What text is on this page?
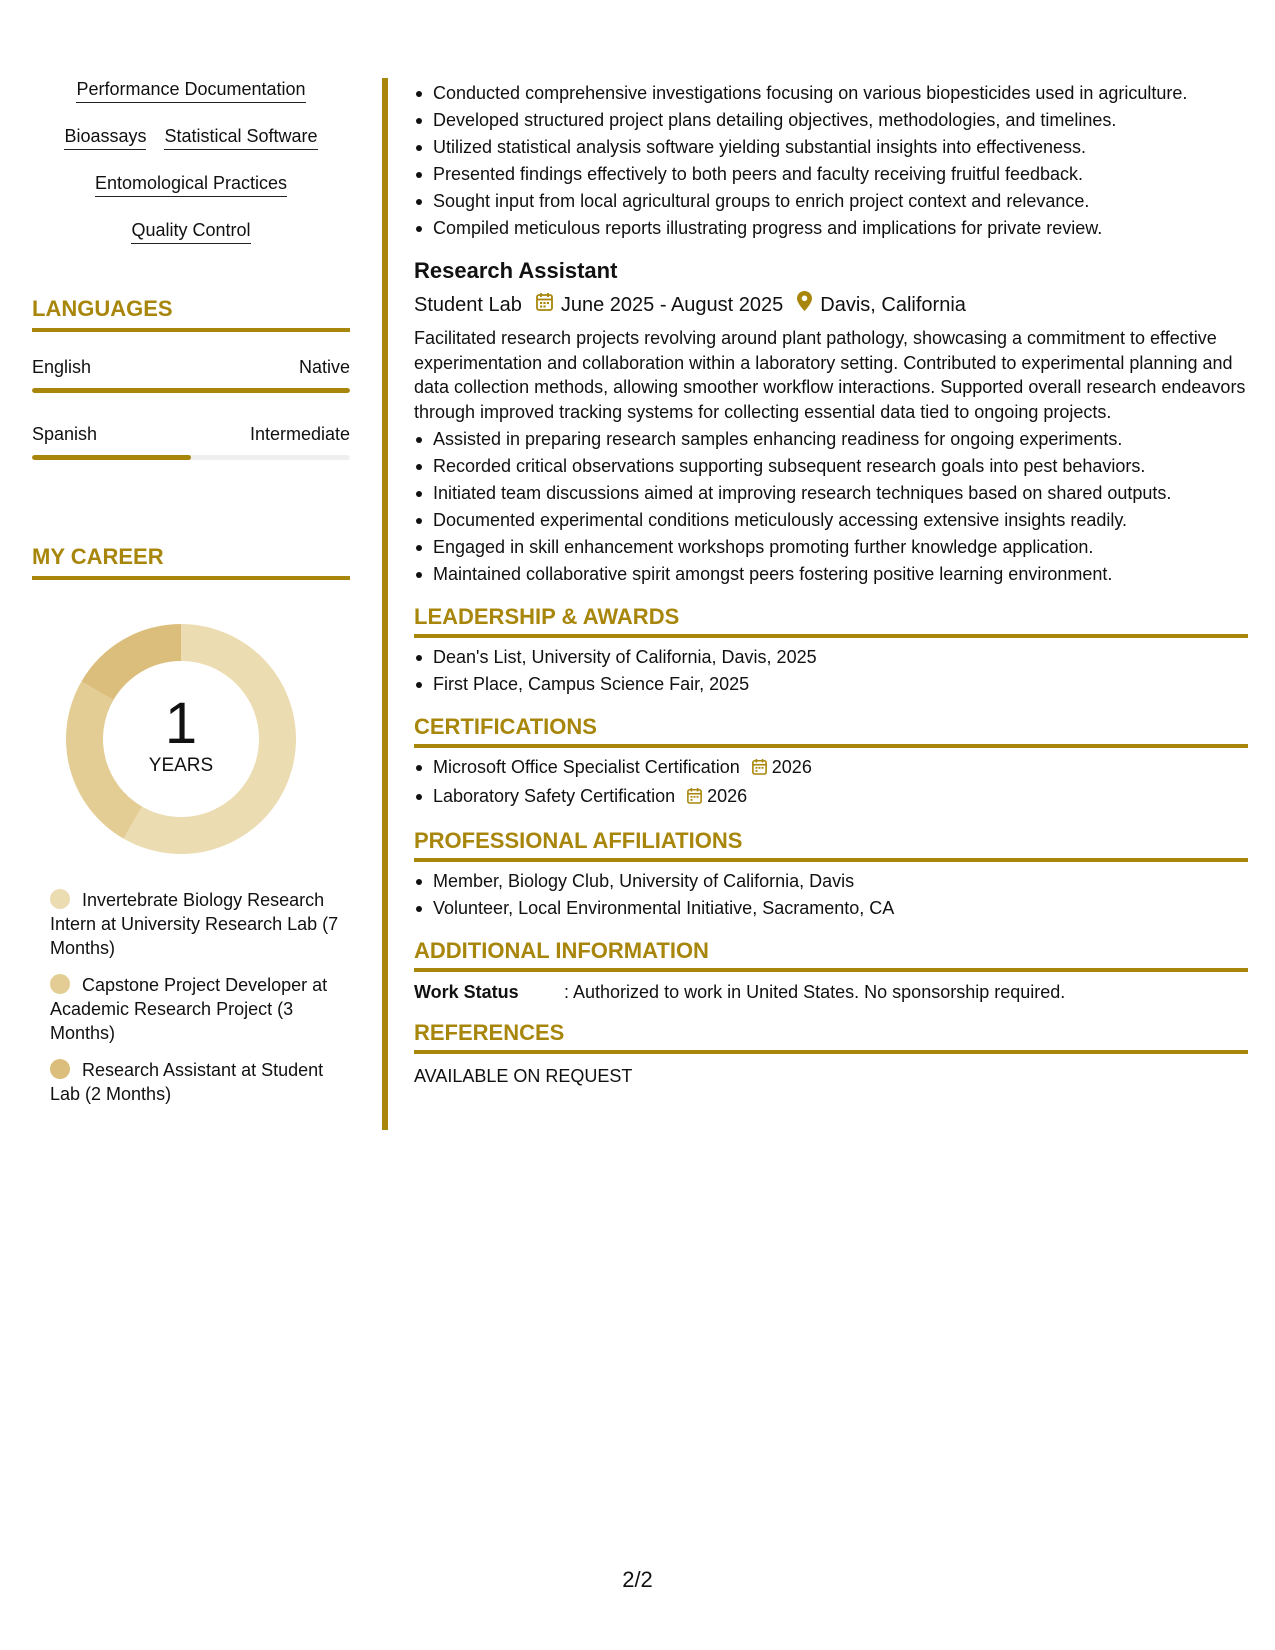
Performance Documentation
Bioassays Statistical Software
Entomological Practices
Quality Control
LANGUAGES
English	Native
Spanish	Intermediate
MY CAREER
1
YEARS
Invertebrate Biology Research Intern at University Research Lab (7 Months)
Capstone Project Developer at Academic Research Project (3 Months)
Research Assistant at Student Lab (2 Months)
Conducted comprehensive investigations focusing on various biopesticides used in agriculture.
Developed structured project plans detailing objectives, methodologies, and timelines.
Utilized statistical analysis software yielding substantial insights into effectiveness.
Presented findings effectively to both peers and faculty receiving fruitful feedback.
Sought input from local agricultural groups to enrich project context and relevance.
Compiled meticulous reports illustrating progress and implications for private review.
Research Assistant
Student Lab June 2025 - August 2025 Davis, California
Facilitated research projects revolving around plant pathology, showcasing a commitment to effective experimentation and collaboration within a laboratory setting. Contributed to experimental planning and data collection methods, allowing smoother workflow interactions. Supported overall research endeavors through improved tracking systems for collecting essential data tied to ongoing projects.
Assisted in preparing research samples enhancing readiness for ongoing experiments.
Recorded critical observations supporting subsequent research goals into pest behaviors.
Initiated team discussions aimed at improving research techniques based on shared outputs.
Documented experimental conditions meticulously accessing extensive insights readily.
Engaged in skill enhancement workshops promoting further knowledge application.
Maintained collaborative spirit amongst peers fostering positive learning environment.
LEADERSHIP & AWARDS
Dean's List, University of California, Davis, 2025
First Place, Campus Science Fair, 2025
CERTIFICATIONS
Microsoft Office Specialist Certification 2026
Laboratory Safety Certification 2026
PROFESSIONAL AFFILIATIONS
Member, Biology Club, University of California, Davis
Volunteer, Local Environmental Initiative, Sacramento, CA
ADDITIONAL INFORMATION
Work Status	: Authorized to work in United States. No sponsorship required.
REFERENCES
AVAILABLE ON REQUEST
2/2
